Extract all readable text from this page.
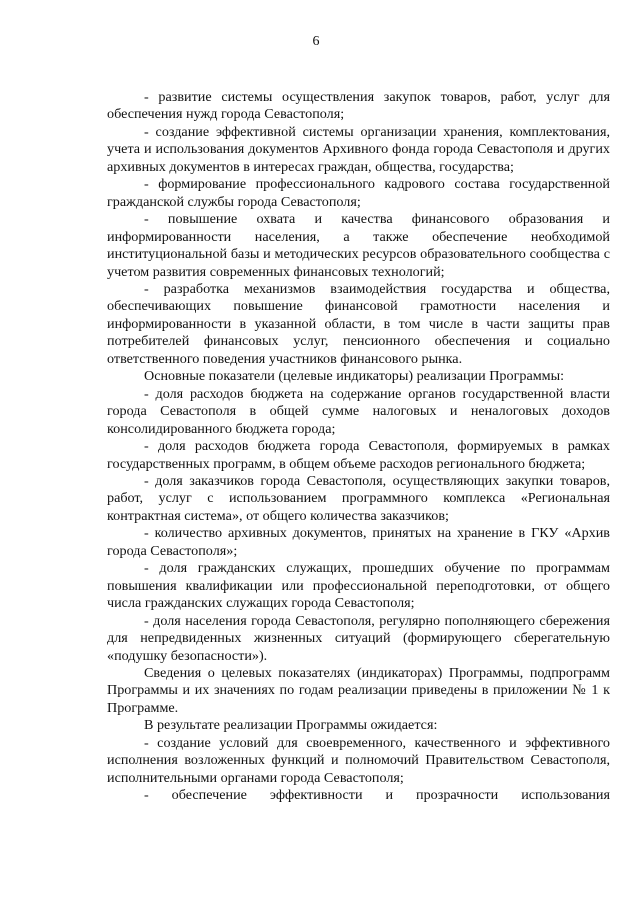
6

- развитие системы осуществления закупок товаров, работ, услуг для обеспечения нужд города Севастополя;

- создание эффективной системы организации хранения, комплектования, учета и использования документов Архивного фонда города Севастополя и других архивных документов в интересах граждан, общества, государства;

- формирование профессионального кадрового состава государственной гражданской службы города Севастополя;

- повышение охвата и качества финансового образования и информированности населения, а также обеспечение необходимой институциональной базы и методических ресурсов образовательного сообщества с учетом развития современных финансовых технологий;

- разработка механизмов взаимодействия государства и общества, обеспечивающих повышение финансовой грамотности населения и информированности в указанной области, в том числе в части защиты прав потребителей финансовых услуг, пенсионного обеспечения и социально ответственного поведения участников финансового рынка.

Основные показатели (целевые индикаторы) реализации Программы:

- доля расходов бюджета на содержание органов государственной власти города Севастополя в общей сумме налоговых и неналоговых доходов консолидированного бюджета города;

- доля расходов бюджета города Севастополя, формируемых в рамках государственных программ, в общем объеме расходов регионального бюджета;

- доля заказчиков города Севастополя, осуществляющих закупки товаров, работ, услуг с использованием программного комплекса «Региональная контрактная система», от общего количества заказчиков;

- количество архивных документов, принятых на хранение в ГКУ «Архив города Севастополя»;

- доля гражданских служащих, прошедших обучение по программам повышения квалификации или профессиональной переподготовки, от общего числа гражданских служащих города Севастополя;

- доля населения города Севастополя, регулярно пополняющего сбережения для непредвиденных жизненных ситуаций (формирующего сберегательную «подушку безопасности»).

Сведения о целевых показателях (индикаторах) Программы, подпрограмм Программы и их значениях по годам реализации приведены в приложении № 1 к Программе.

В результате реализации Программы ожидается:

- создание условий для своевременного, качественного и эффективного исполнения возложенных функций и полномочий Правительством Севастополя, исполнительными органами города Севастополя;

- обеспечение эффективности и прозрачности использования
